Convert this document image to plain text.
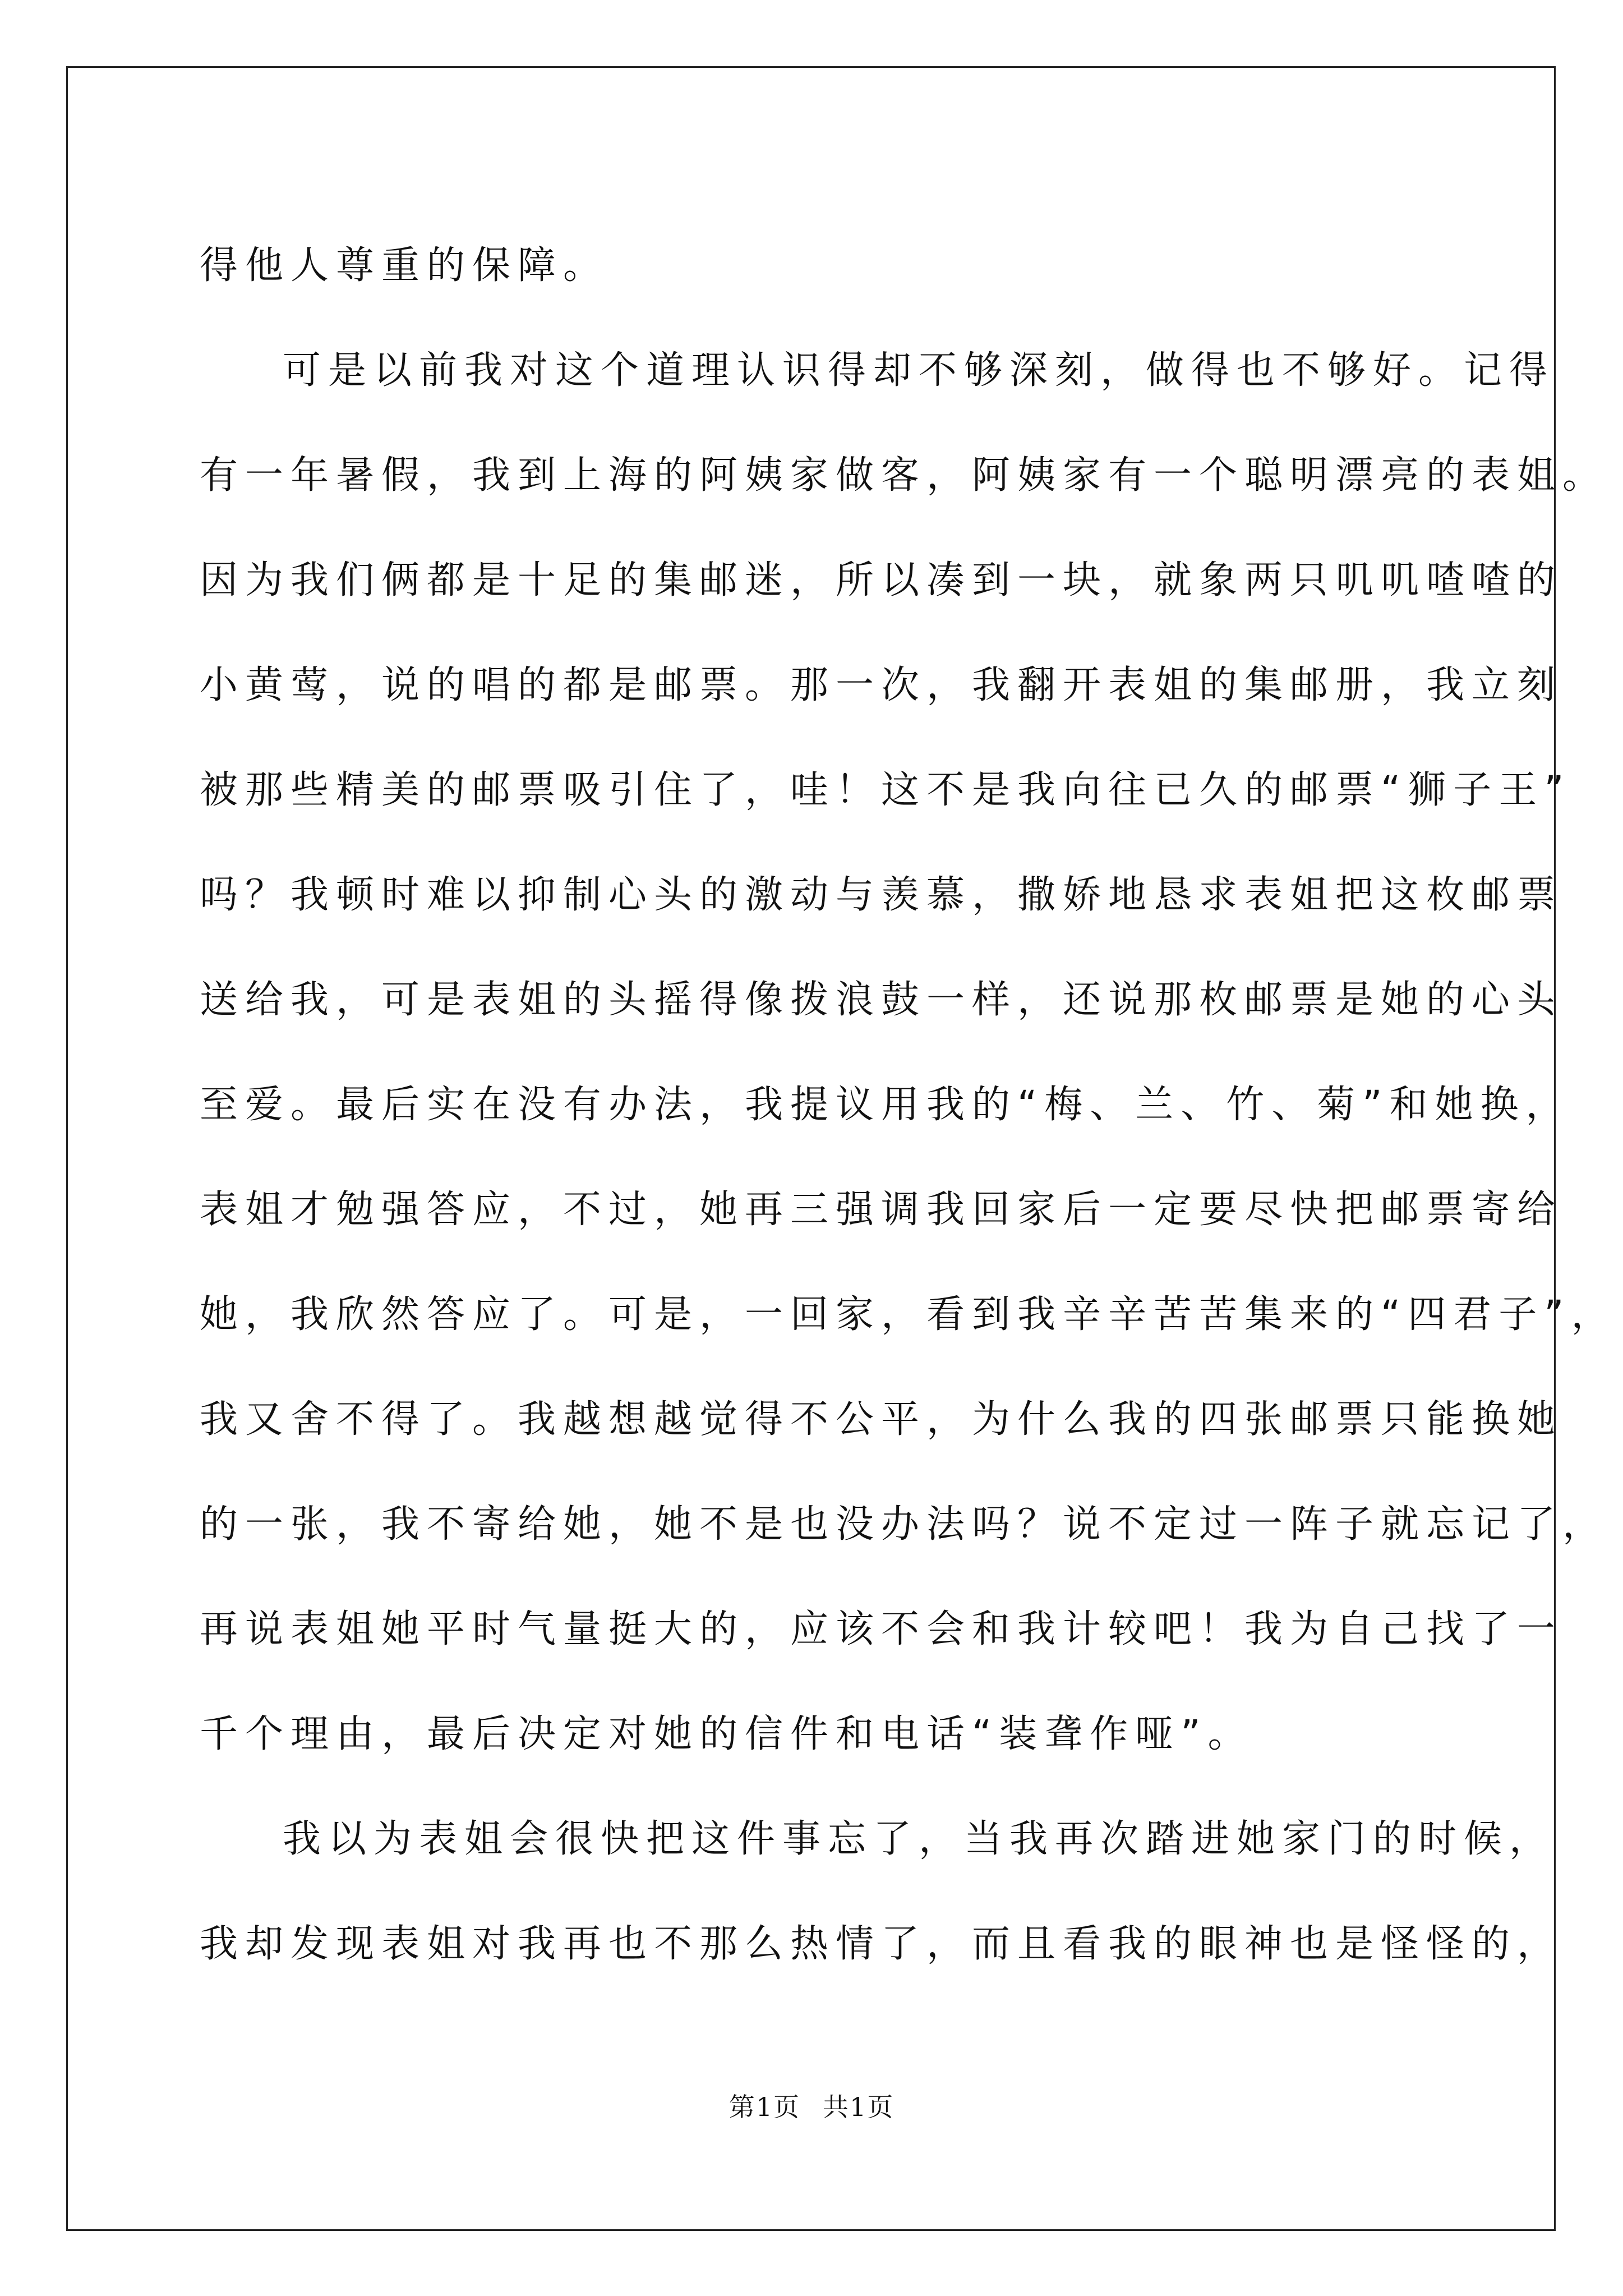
得他人尊重的保障。
可是以前我对这个道理认识得却不够深刻，做得也不够好。记得
有一年暑假，我到上海的阿姨家做客，阿姨家有一个聪明漂亮的表姐。
因为我们俩都是十足的集邮迷，所以凑到一块，就象两只叽叽喳喳的
小黄莺，说的唱的都是邮票。那一次，我翻开表姐的集邮册，我立刻
被那些精美的邮票吸引住了，哇！这不是我向往已久的邮票“狮子王”
吗？我顿时难以抑制心头的激动与羡慕，撒娇地恳求表姐把这枚邮票
送给我，可是表姐的头摇得像拨浪鼓一样，还说那枚邮票是她的心头
至爱。最后实在没有办法，我提议用我的“梅、兰、竹、菊”和她换，
表姐才勉强答应，不过，她再三强调我回家后一定要尽快把邮票寄给
她，我欣然答应了。可是，一回家，看到我辛辛苦苦集来的“四君子”，
我又舍不得了。我越想越觉得不公平，为什么我的四张邮票只能换她
的一张，我不寄给她，她不是也没办法吗？说不定过一阵子就忘记了，
再说表姐她平时气量挺大的，应该不会和我计较吧！我为自己找了一
千个理由，最后决定对她的信件和电话“装聋作哑”。
我以为表姐会很快把这件事忘了，当我再次踏进她家门的时候，
我却发现表姐对我再也不那么热情了，而且看我的眼神也是怪怪的，
第1页 共1页
